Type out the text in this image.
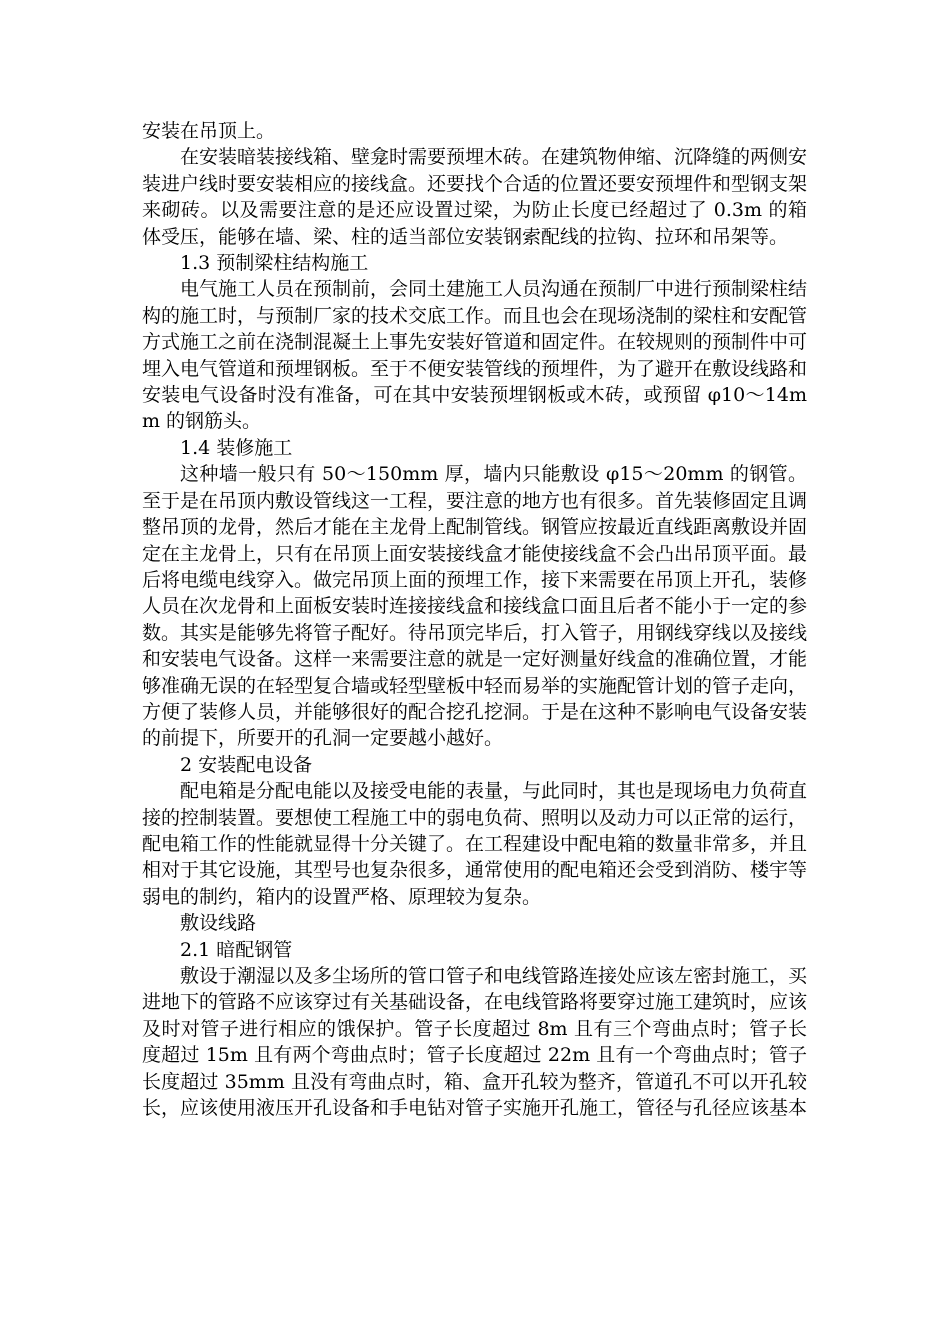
安装在吊顶上。

在安装暗装接线箱、壁龛时需要预埋木砖。在建筑物伸缩、沉降缝的两侧安装进户线时要安装相应的接线盒。还要找个合适的位置还要安预埋件和型钢支架来砌砖。以及需要注意的是还应设置过梁，为防止长度已经超过了 0.3m 的箱体受压，能够在墙、梁、柱的适当部位安装钢索配线的拉钩、拉环和吊架等。

1.3 预制梁柱结构施工

电气施工人员在预制前，会同土建施工人员沟通在预制厂中进行预制梁柱结构的施工时，与预制厂家的技术交底工作。而且也会在现场浇制的梁柱和安配管方式施工之前在浇制混凝土上事先安装好管道和固定件。在较规则的预制件中可埋入电气管道和预埋钢板。至于不便安装管线的预埋件，为了避开在敷设线路和安装电气设备时没有准备，可在其中安装预埋钢板或木砖，或预留 φ10～14mm 的钢筋头。

1.4 装修施工

这种墙一般只有 50～150mm 厚，墙内只能敷设 φ15～20mm 的钢管。至于是在吊顶内敷设管线这一工程，要注意的地方也有很多。首先装修固定且调整吊顶的龙骨，然后才能在主龙骨上配制管线。钢管应按最近直线距离敷设并固定在主龙骨上，只有在吊顶上面安装接线盒才能使接线盒不会凸出吊顶平面。最后将电缆电线穿入。做完吊顶上面的预埋工作，接下来需要在吊顶上开孔，装修人员在次龙骨和上面板安装时连接接线盒和接线盒口面且后者不能小于一定的参数。其实是能够先将管子配好。待吊顶完毕后，打入管子，用钢线穿线以及接线和安装电气设备。这样一来需要注意的就是一定好测量好线盒的准确位置，才能够准确无误的在轻型复合墙或轻型壁板中轻而易举的实施配管计划的管子走向，方便了装修人员，并能够很好的配合挖孔挖洞。于是在这种不影响电气设备安装的前提下，所要开的孔洞一定要越小越好。

2 安装配电设备

配电箱是分配电能以及接受电能的表量，与此同时，其也是现场电力负荷直接的控制装置。要想使工程施工中的弱电负荷、照明以及动力可以正常的运行，配电箱工作的性能就显得十分关键了。在工程建设中配电箱的数量非常多，并且相对于其它设施，其型号也复杂很多，通常使用的配电箱还会受到消防、楼宇等弱电的制约，箱内的设置严格、原理较为复杂。

敷设线路

2.1 暗配钢管

敷设于潮湿以及多尘场所的管口管子和电线管路连接处应该左密封施工，买进地下的管路不应该穿过有关基础设备，在电线管路将要穿过施工建筑时，应该及时对管子进行相应的饿保护。管子长度超过 8m 且有三个弯曲点时；管子长度超过 15m 且有两个弯曲点时；管子长度超过 22m 且有一个弯曲点时；管子长度超过 35mm 且没有弯曲点时，箱、盒开孔较为整齐，管道孔不可以开孔较长，应该使用液压开孔设备和手电钻对管子实施开孔施工，管径与孔径应该基本
